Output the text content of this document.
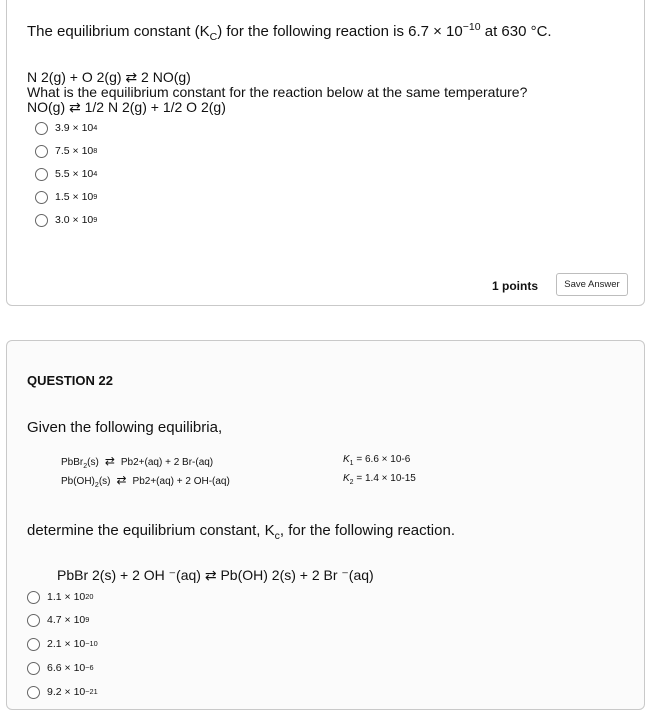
The equilibrium constant $(K_C)$ for the following reaction is $6.7 \times 10^{-10}$ at 630 °C.
N 2(g) + O 2(g) ⇄ 2 NO(g)
What is the equilibrium constant for the reaction below at the same temperature?
NO(g) ⇄ 1/2 N 2(g) + 1/2 O 2(g)
3.9 × 10 4
7.5 × 10 8
5.5 × 10 4
1.5 × 10 9
3.0 × 10 9
1 points	Save Answer
QUESTION 22
Given the following equilibria,
PbBr$_2$(s) ⇄ Pb2+(aq) + 2 Br-(aq)
$Pb(OH)_2(s)$ ⇄ Pb2+(aq) + 2 OH-(aq)
$K_1 = 6.6 \times 10-6$
$K_2 = 1.4 \times 10-15$
determine the equilibrium constant, $K_c$, for the following reaction.
PbBr 2(s) + 2 OH ⁻(aq) ⇄ Pb(OH) 2(s) + 2 Br ⁻(aq)
1.1 × 10 20
4.7 × 10 9
2.1 × 10 −10
6.6 × 10 −6
9.2 × 10 −21
